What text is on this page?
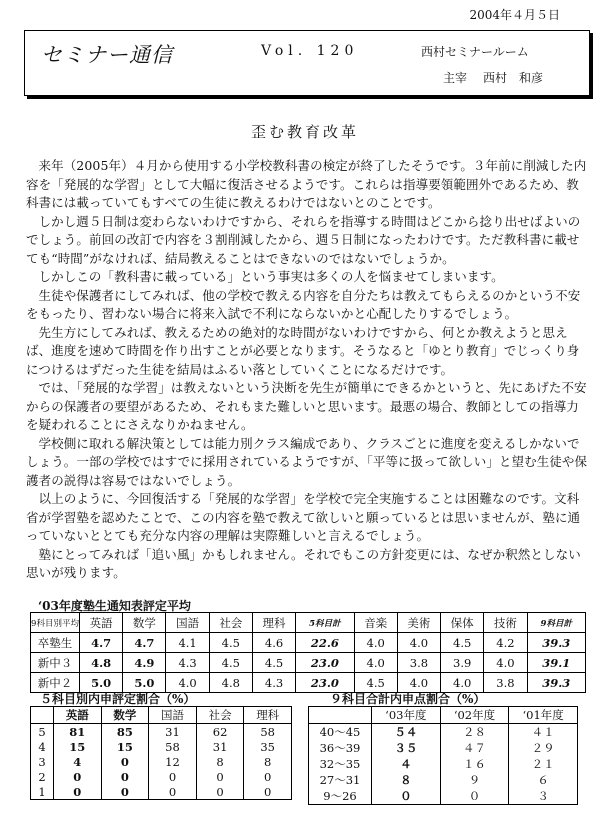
2004年４月５日
セミナー通信	Vol. 120	西村セミナールーム
主宰 西村　和彦
歪む教育改革

来年（2005年）４月から使用する小学校教科書の検定が終了したそうです。３年前に削減した内容を「発展的な学習」として大幅に復活させるようです。これらは指導要領範囲外であるため、教科書には載っていてもすべての生徒に教えるわけではないとのことです。

しかし週５日制は変わらないわけですから、それらを指導する時間はどこから捻り出せばよいのでしょう。前回の改訂で内容を３割削減したから、週５日制になったわけです。ただ教科書に載せても“時間”がなければ、結局教えることはできないのではないでしょうか。

しかしこの「教科書に載っている」という事実は多くの人を悩ませてしまいます。

生徒や保護者にしてみれば、他の学校で教える内容を自分たちは教えてもらえるのかという不安をもったり、習わない場合に将来入試で不利にならないかと心配したりするでしょう。

先生方にしてみれば、教えるための絶対的な時間がないわけですから、何とか教えようと思えば、進度を速めて時間を作り出すことが必要となります。そうなると「ゆとり教育」でじっくり身につけるはずだった生徒を結局はふるい落としていくことになるだけです。

では、「発展的な学習」は教えないという決断を先生が簡単にできるかというと、先にあげた不安からの保護者の要望があるため、それもまた難しいと思います。最悪の場合、教師としての指導力を疑われることにさえなりかねません。

学校側に取れる解決策としては能力別クラス編成であり、クラスごとに進度を変えるしかないでしょう。一部の学校ではすでに採用されているようですが、「平等に扱って欲しい」と望む生徒や保護者の説得は容易ではないでしょう。

以上のように、今回復活する「発展的な学習」を学校で完全実施することは困難なのです。文科省が学習塾を認めたことで、この内容を塾で教えて欲しいと願っているとは思いませんが、塾に通っていないととても充分な内容の理解は実際難しいと言えるでしょう。

塾にとってみれば「追い風」かもしれません。それでもこの方針変更には、なぜか釈然としない思いが残ります。

‘03年度塾生通知表評定平均
9科目別平均	英語	数学	国語	社会	理科	5科目計	音楽	美術	保体	技術	9科目計
卒塾生	4.7	4.7	4.1	4.5	4.6	22.6	4.0	4.0	4.5	4.2	39.3
新中３	4.8	4.9	4.3	4.5	4.5	23.0	4.0	3.8	3.9	4.0	39.1
新中２	5.0	5.0	4.0	4.8	4.3	23.0	4.5	4.0	4.0	3.8	39.3
５科目別内申評定割合（%）
	英語	数学	国語	社会	理科
5	81	85	31	62	58
4	15	15	58	31	35
3	4	0	12	8	8
2	0	0	0	0	0
1	0	0	0	0	0
９科目合計内申点割合（%）
	‘03年度	‘02年度	‘01年度
40～45	５４	２８	４１
36～39	３５	４７	２９
32～35	４	１６	２１
27～31	８	９	６
9～26	０	０	３
